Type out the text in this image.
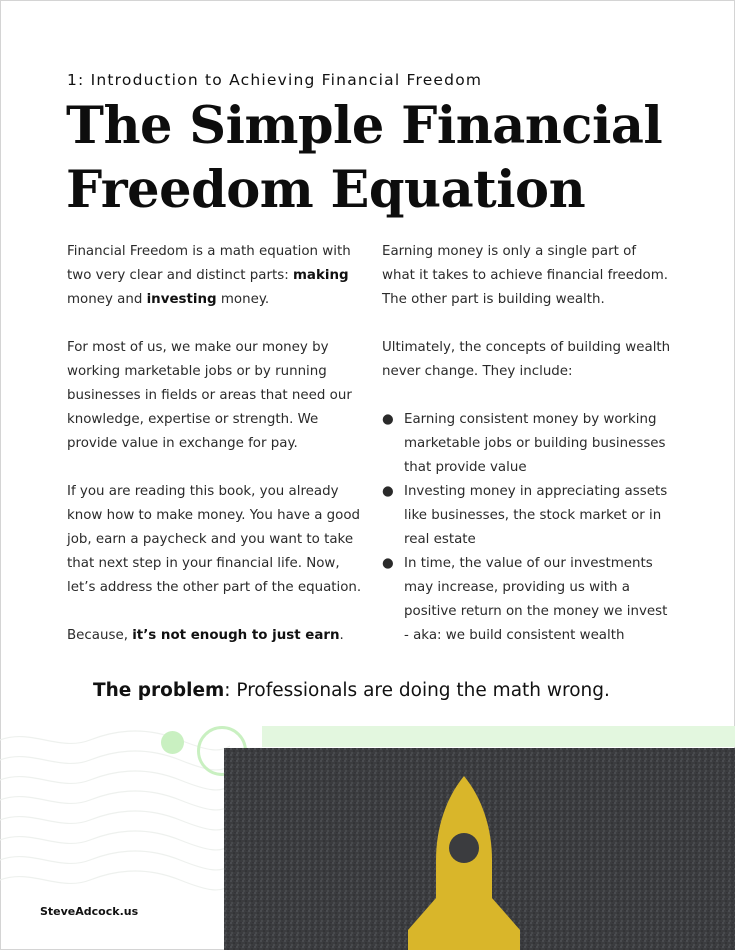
1: Introduction to Achieving Financial Freedom
The Simple Financial
Freedom Equation

Financial Freedom is a math equation with two very clear and distinct parts: making money and investing money.

For most of us, we make our money by working marketable jobs or by running businesses in fields or areas that need our knowledge, expertise or strength. We provide value in exchange for pay.

If you are reading this book, you already know how to make money. You have a good job, earn a paycheck and you want to take that next step in your financial life. Now, let’s address the other part of the equation.

Because, it’s not enough to just earn.

Earning money is only a single part of what it takes to achieve financial freedom. The other part is building wealth.

Ultimately, the concepts of building wealth never change. They include:

● Earning consistent money by working marketable jobs or building businesses that provide value
● Investing money in appreciating assets like businesses, the stock market or in real estate
● In time, the value of our investments may increase, providing us with a positive return on the money we invest - aka: we build consistent wealth
The problem: Professionals are doing the math wrong.
SteveAdcock.us
